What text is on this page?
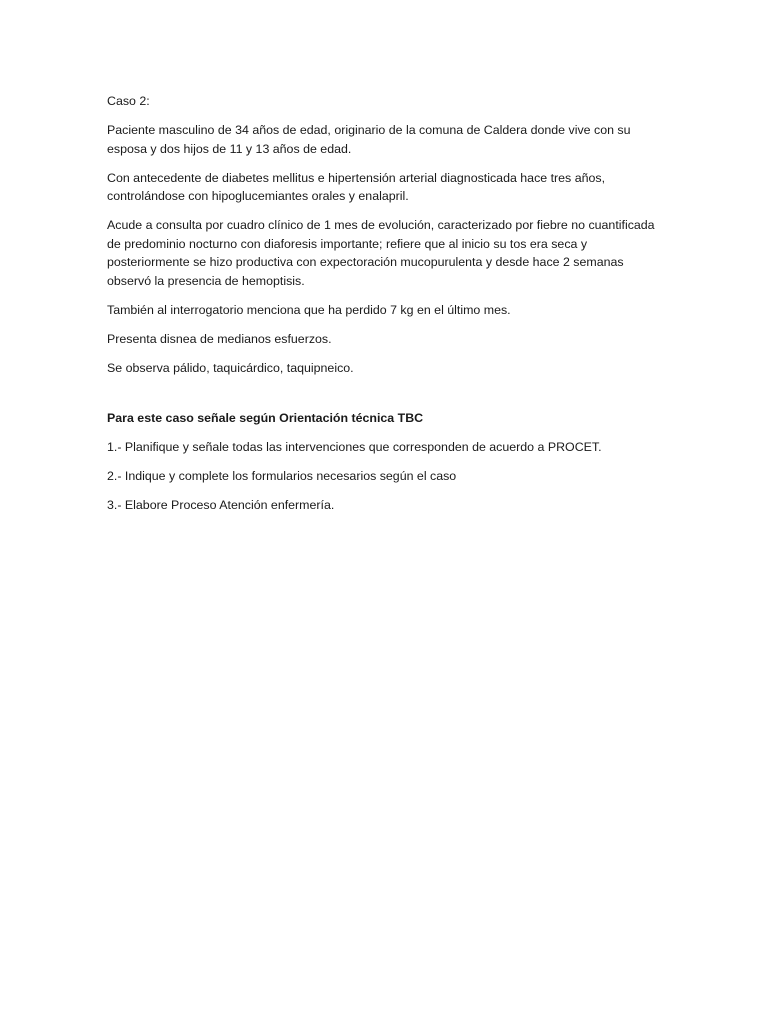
Caso 2:

Paciente masculino de 34 años de edad, originario de la comuna de Caldera donde vive con su esposa y dos hijos de 11 y 13 años de edad.

Con antecedente de diabetes mellitus e hipertensión arterial diagnosticada hace tres años, controlándose con hipoglucemiantes orales y enalapril.

Acude a consulta por cuadro clínico de 1 mes de evolución, caracterizado por fiebre no cuantificada de predominio nocturno con diaforesis importante; refiere que al inicio su tos era seca y posteriormente se hizo productiva con expectoración mucopurulenta y desde hace 2 semanas observó la presencia de hemoptisis.

También al interrogatorio menciona que ha perdido 7 kg en el último mes.

Presenta disnea de medianos esfuerzos.

Se observa pálido, taquicárdico, taquipneico.

Para este caso señale según Orientación técnica TBC

1.- Planifique y señale todas las intervenciones que corresponden de acuerdo a PROCET.

2.- Indique y complete los formularios necesarios según el caso

3.- Elabore Proceso Atención enfermería.
